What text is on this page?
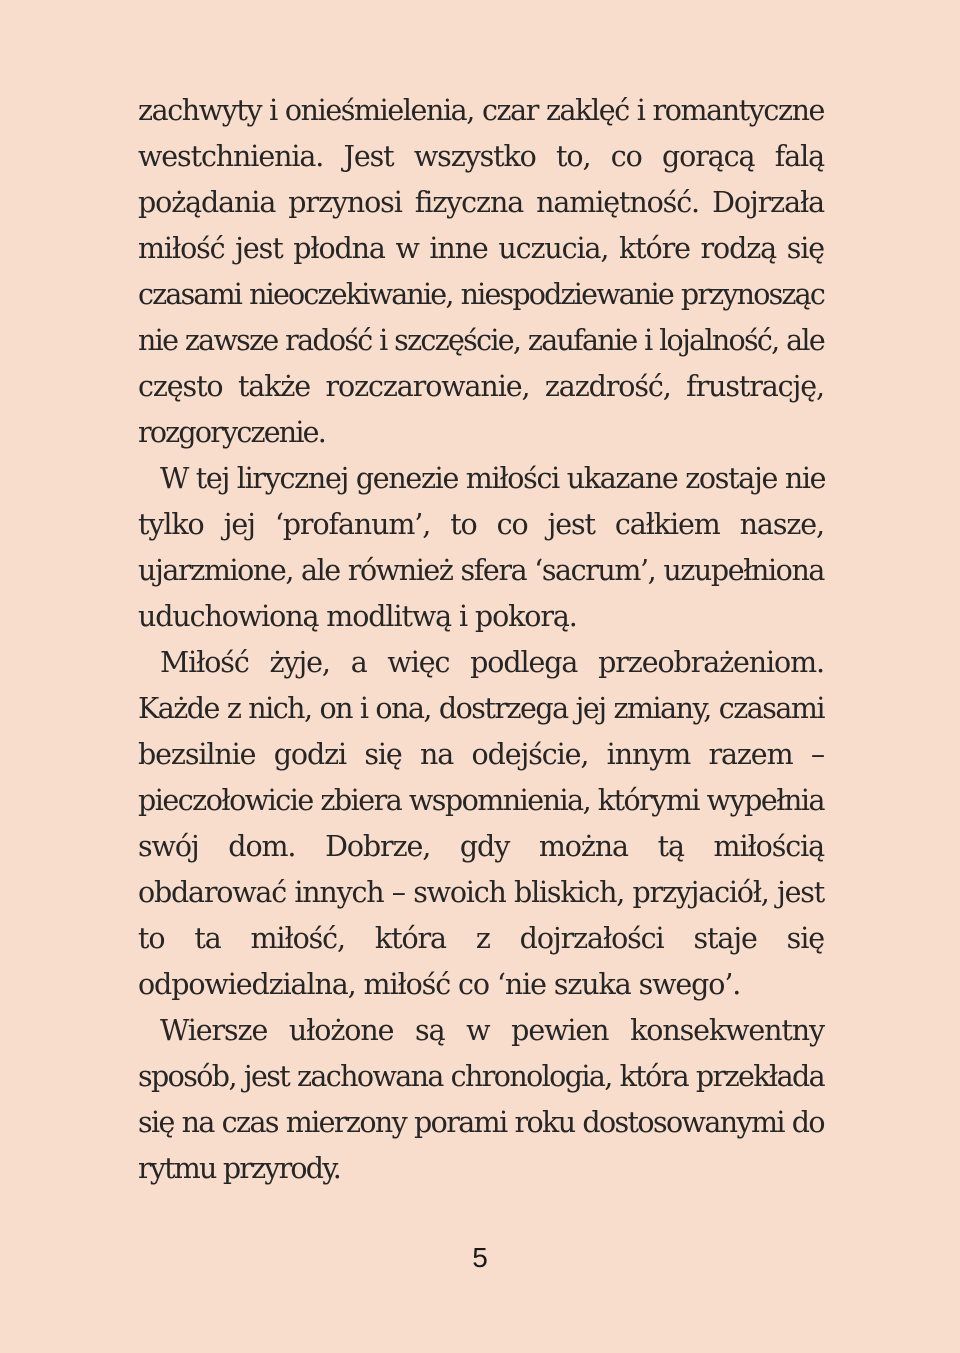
zachwyty i onieśmielenia, czar zaklęć i romantyczne
westchnienia. Jest wszystko to, co gorącą falą
pożądania przynosi fizyczna namiętność. Dojrzała
miłość jest płodna w inne uczucia, które rodzą się
czasami nieoczekiwanie, niespodziewanie przynosząc
nie zawsze radość i szczęście, zaufanie i lojalność, ale
często także rozczarowanie, zazdrość, frustrację,
rozgoryczenie.
W tej lirycznej genezie miłości ukazane zostaje nie
tylko jej ‘profanum’, to co jest całkiem nasze,
ujarzmione, ale również sfera ‘sacrum’, uzupełniona
uduchowioną modlitwą i pokorą.
Miłość żyje, a więc podlega przeobrażeniom.
Każde z nich, on i ona, dostrzega jej zmiany, czasami
bezsilnie godzi się na odejście, innym razem –
pieczołowicie zbiera wspomnienia, którymi wypełnia
swój dom. Dobrze, gdy można tą miłością
obdarować innych – swoich bliskich, przyjaciół, jest
to ta miłość, która z dojrzałości staje się
odpowiedzialna, miłość co ‘nie szuka swego’.
Wiersze ułożone są w pewien konsekwentny
sposób, jest zachowana chronologia, która przekłada
się na czas mierzony porami roku dostosowanymi do
rytmu przyrody.
5
